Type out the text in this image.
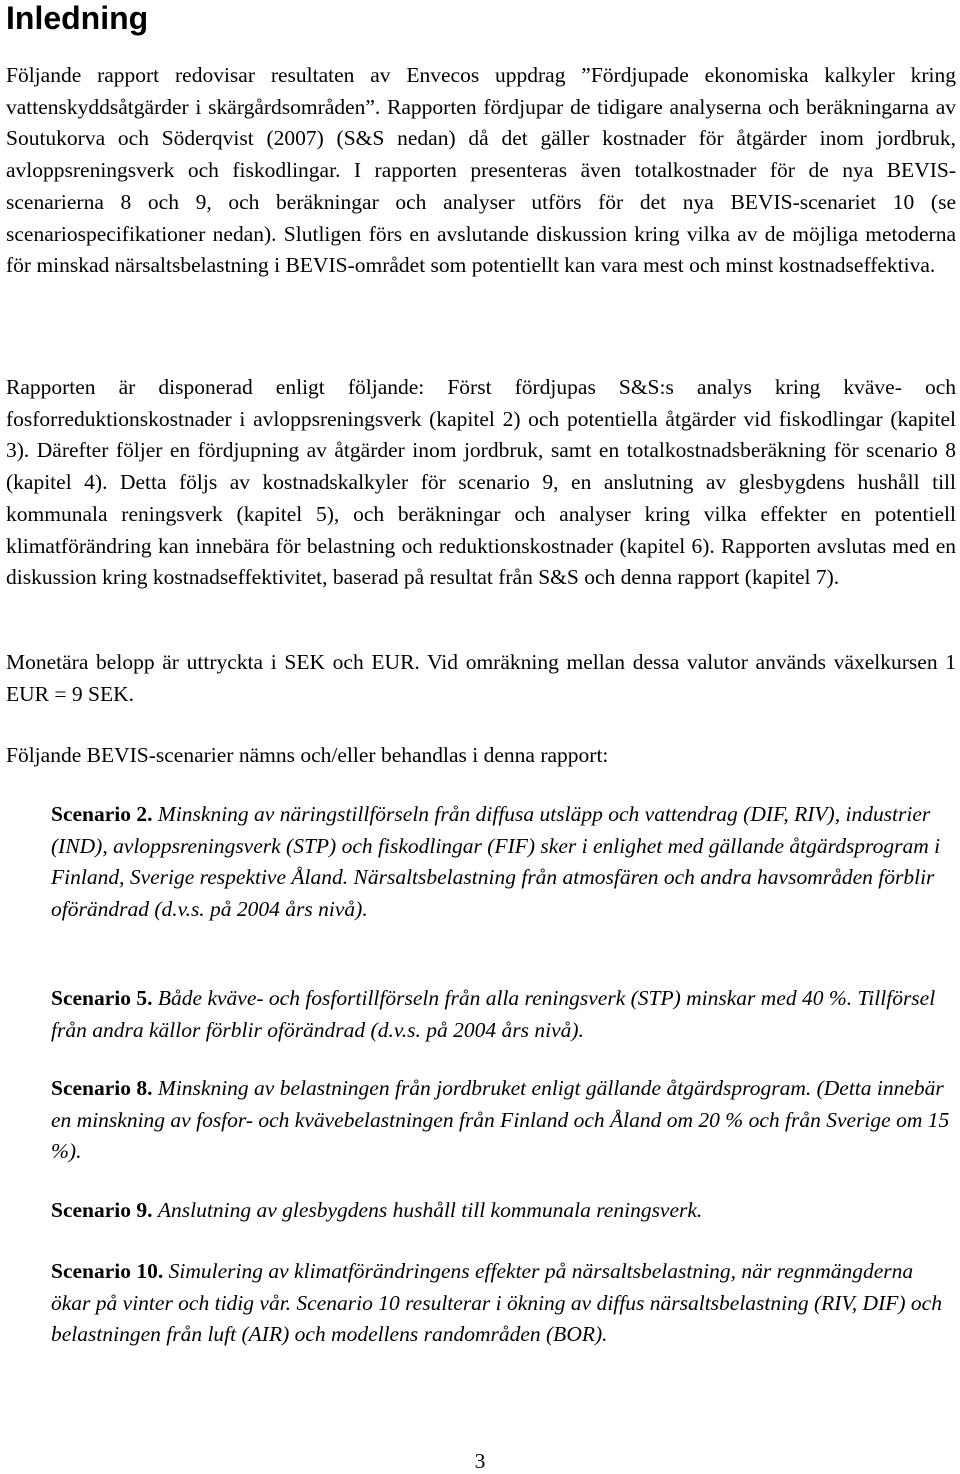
Inledning

Följande rapport redovisar resultaten av Envecos uppdrag ”Fördjupade ekonomiska kalkyler kring vattenskyddsåtgärder i skärgårdsområden”. Rapporten fördjupar de tidigare analyserna och beräkningarna av Soutukorva och Söderqvist (2007) (S&S nedan) då det gäller kostnader för åtgärder inom jordbruk, avloppsreningsverk och fiskodlingar. I rapporten presenteras även totalkostnader för de nya BEVIS-scenarierna 8 och 9, och beräkningar och analyser utförs för det nya BEVIS-scenariet 10 (se scenariospecifikationer nedan). Slutligen förs en avslutande diskussion kring vilka av de möjliga metoderna för minskad närsaltsbelastning i BEVIS-området som potentiellt kan vara mest och minst kostnadseffektiva.

Rapporten är disponerad enligt följande: Först fördjupas S&S:s analys kring kväve- och fosforreduktionskostnader i avloppsreningsverk (kapitel 2) och potentiella åtgärder vid fiskodlingar (kapitel 3). Därefter följer en fördjupning av åtgärder inom jordbruk, samt en totalkostnadsberäkning för scenario 8 (kapitel 4). Detta följs av kostnadskalkyler för scenario 9, en anslutning av glesbygdens hushåll till kommunala reningsverk (kapitel 5), och beräkningar och analyser kring vilka effekter en potentiell klimatförändring kan innebära för belastning och reduktionskostnader (kapitel 6). Rapporten avslutas med en diskussion kring kostnadseffektivitet, baserad på resultat från S&S och denna rapport (kapitel 7).

Monetära belopp är uttryckta i SEK och EUR. Vid omräkning mellan dessa valutor används växelkursen 1 EUR = 9 SEK.

Följande BEVIS-scenarier nämns och/eller behandlas i denna rapport:

Scenario 2. Minskning av näringstillförseln från diffusa utsläpp och vattendrag (DIF, RIV), industrier (IND), avloppsreningsverk (STP) och fiskodlingar (FIF) sker i enlighet med gällande åtgärdsprogram i Finland, Sverige respektive Åland. Närsaltsbelastning från atmosfären och andra havsområden förblir oförändrad (d.v.s. på 2004 års nivå).

Scenario 5. Både kväve- och fosfortillförseln från alla reningsverk (STP) minskar med 40 %. Tillförsel från andra källor förblir oförändrad (d.v.s. på 2004 års nivå).

Scenario 8. Minskning av belastningen från jordbruket enligt gällande åtgärdsprogram. (Detta innebär en minskning av fosfor- och kvävebelastningen från Finland och Åland om 20 % och från Sverige om 15 %).

Scenario 9. Anslutning av glesbygdens hushåll till kommunala reningsverk.

Scenario 10. Simulering av klimatförändringens effekter på närsaltsbelastning, när regnmängderna ökar på vinter och tidig vår. Scenario 10 resulterar i ökning av diffus närsaltsbelastning (RIV, DIF) och belastningen från luft (AIR) och modellens randområden (BOR).

3
